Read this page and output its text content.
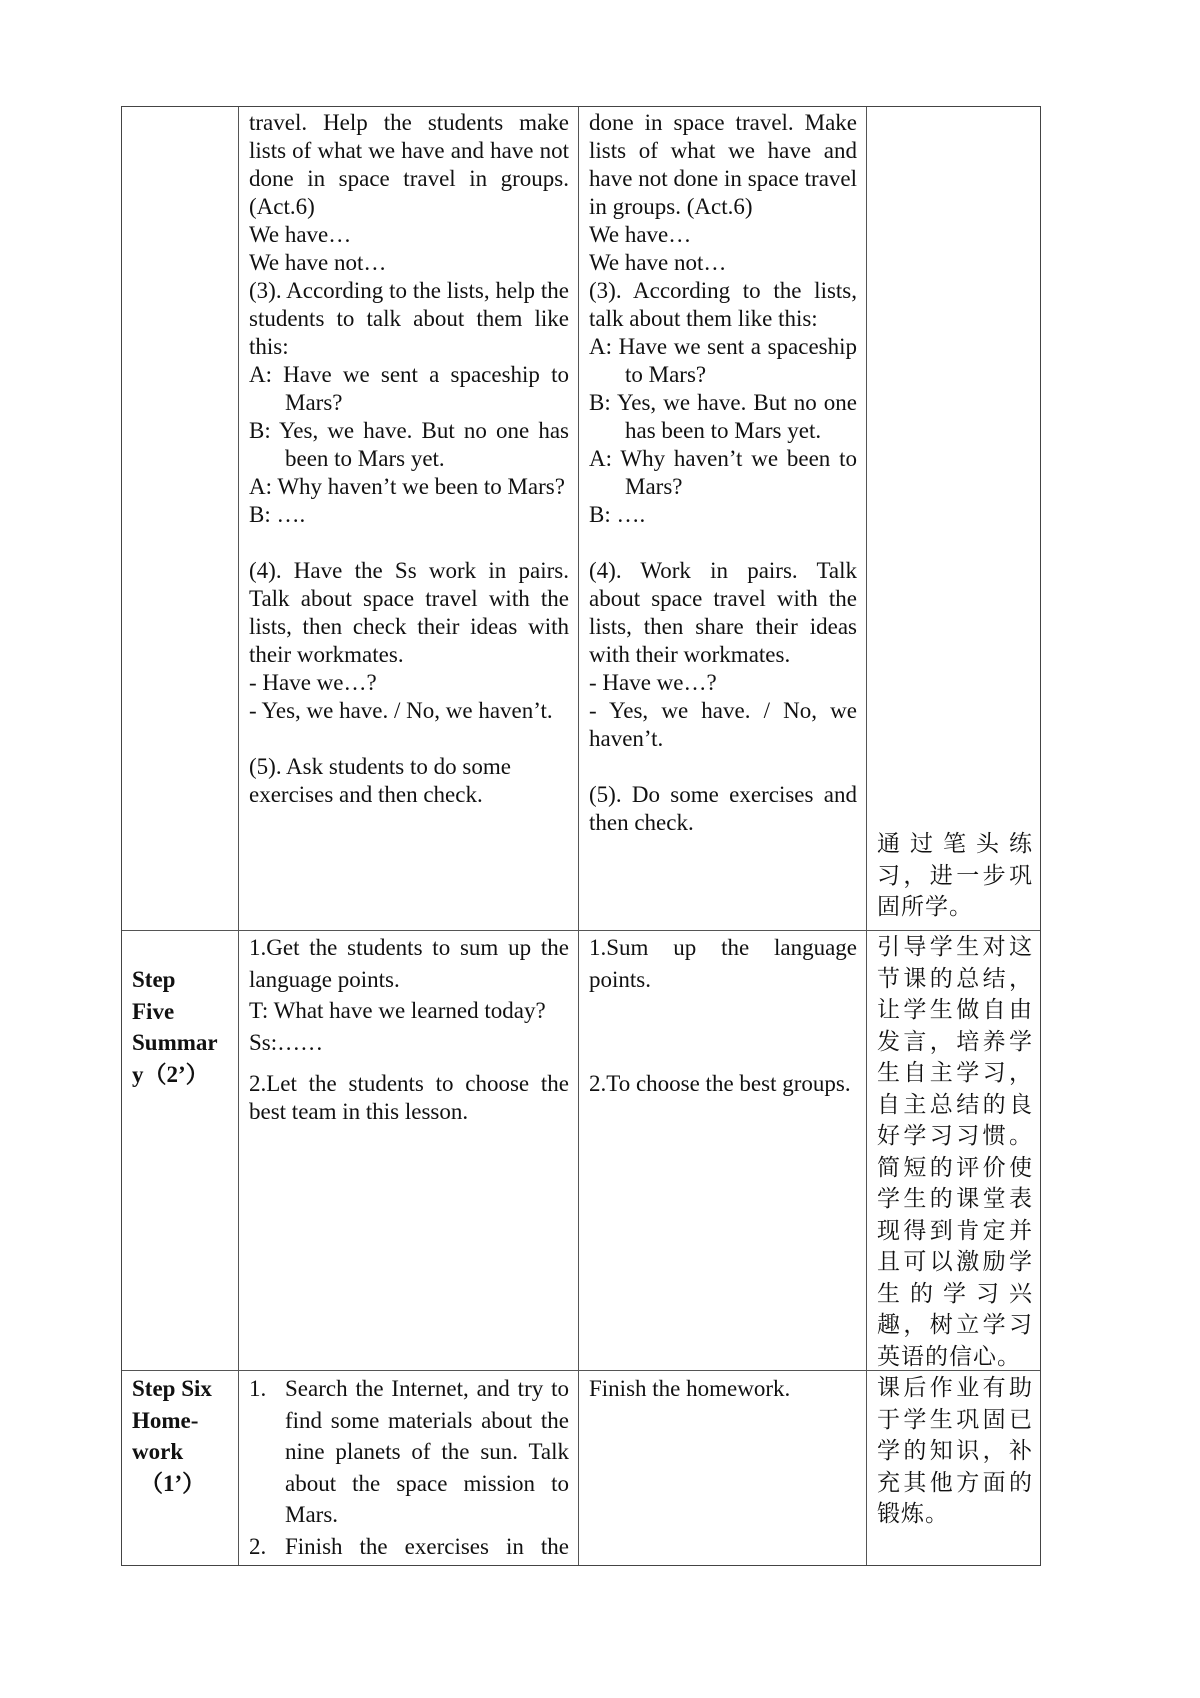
travel. Help the students make lists of what we have and have not done in space travel in groups. (Act.6)

We have…

We have not…

(3). According to the lists, help the students to talk about them like this:

A: Have we sent a spaceship to Mars?

B: Yes, we have. But no one has been to Mars yet.

A: Why haven’t we been to Mars?

B: ….

(4). Have the Ss work in pairs. Talk about space travel with the lists, then check their ideas with their workmates.

- Have we…?

- Yes, we have. / No, we haven’t.

(5). Ask students to do some exercises and then check.

done in space travel. Make lists of what we have and have not done in space travel in groups. (Act.6)

We have…

We have not…

(3). According to the lists, talk about them like this:

A: Have we sent a spaceship to Mars?

B: Yes, we have. But no one has been to Mars yet.

A: Why haven’t we been to Mars?

B: ….

(4). Work in pairs. Talk about space travel with the lists, then share their ideas with their workmates.

- Have we…?

- Yes, we have. / No, we haven’t.

(5). Do some exercises and then check.

通过笔头练习，进一步巩固所学。
Step
Five
Summar
y（2’）

1.Get the students to sum up the language points.

T: What have we learned today?

Ss:……

2.Let the students to choose the best team in this lesson.

1.Sum up the language points.

2.To choose the best groups.

引导学生对这节课的总结，让学生做自由发言，培养学生自主学习，自主总结的良好学习习惯。简短的评价使学生的课堂表现得到肯定并且可以激励学生的学习兴趣，树立学习英语的信心。
Step Six
Home-
work
（1’）
1. Search the Internet, and try to find some materials about the nine planets of the sun. Talk about the space mission to Mars.
2. Finish the exercises in the
Finish the homework.	课后作业有助于学生巩固已学的知识，补充其他方面的锻炼。
